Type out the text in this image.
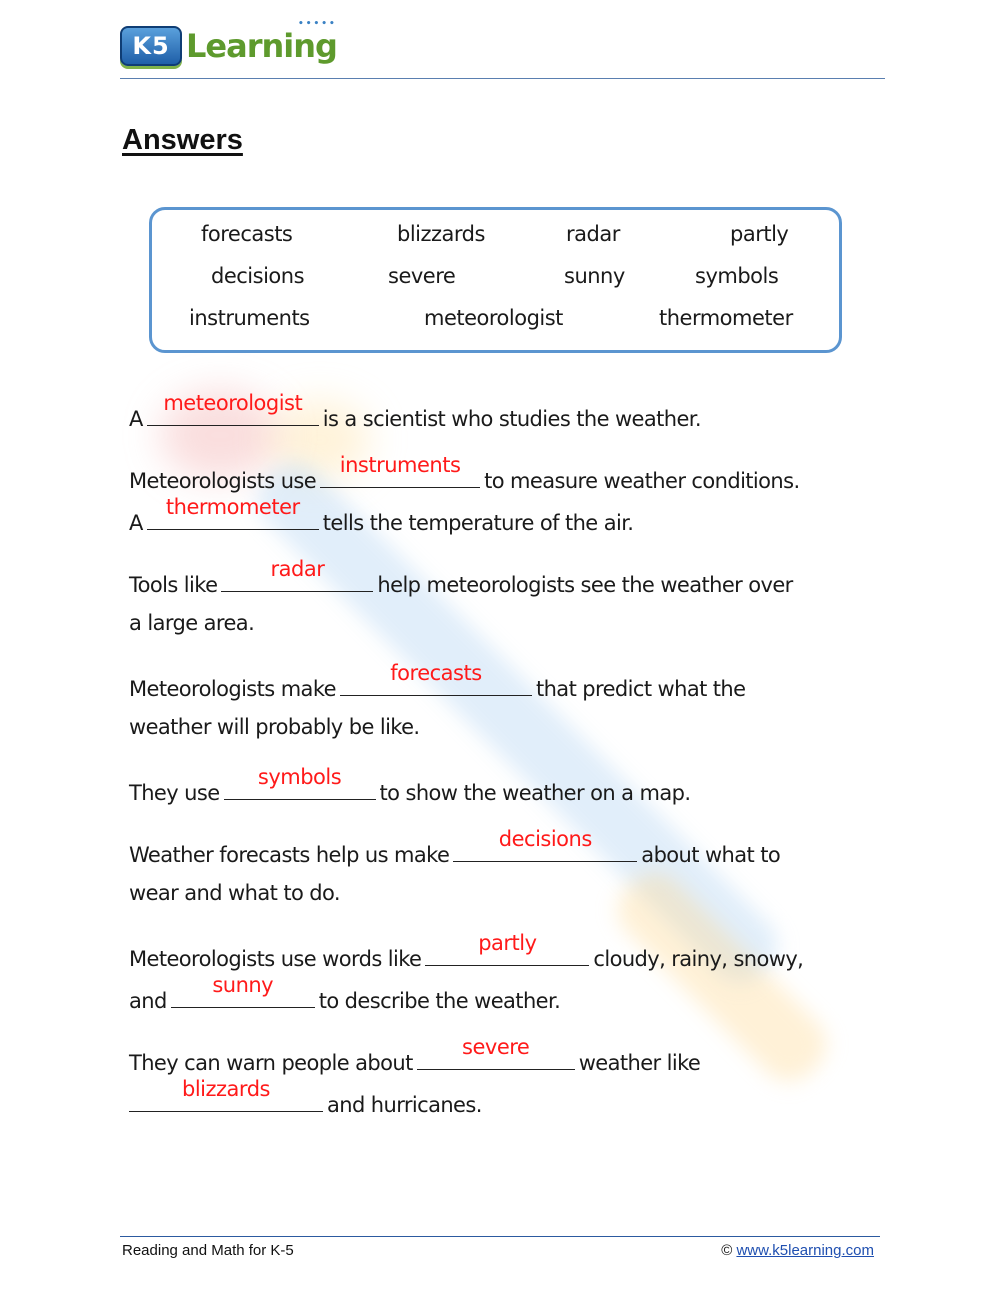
K5 Learning
•••••
Answers
forecasts	blizzards	radar	partly
decisions	severe	sunny	symbols
instruments	meteorologist	thermometer
A
meteorologist
is a scientist who studies the weather.
Meteorologists use
instruments
to measure weather conditions.
A
thermometer
tells the temperature of the air.
Tools like
radar
help meteorologists see the weather over
a large area.
Meteorologists make
forecasts
that predict what the
weather will probably be like.
They use
symbols
to show the weather on a map.
Weather forecasts help us make
decisions
about what to
wear and what to do.
Meteorologists use words like
partly
cloudy, rainy, snowy,
and
sunny
to describe the weather.
They can warn people about
severe
weather like
blizzards
and hurricanes.
Reading and Math for K-5	© www.k5learning.com
